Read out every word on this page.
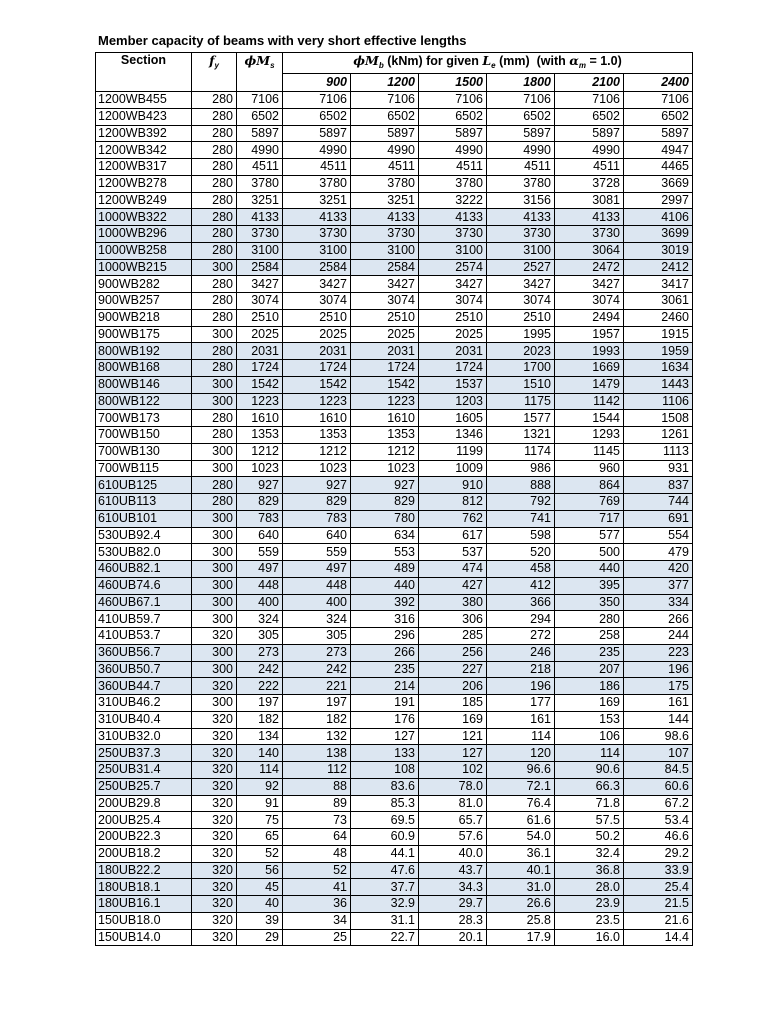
Member capacity of beams with very short effective lengths
Section	$f_y$	$\phi M_s$	$\phi M_b$ (kNm) for given $L_e$ (mm)  (with $\alpha_m = 1.0$)					
			900	1200	1500	1800	2100	2400
1200WB455	280	7106	7106	7106	7106	7106	7106	7106
1200WB423	280	6502	6502	6502	6502	6502	6502	6502
1200WB392	280	5897	5897	5897	5897	5897	5897	5897
1200WB342	280	4990	4990	4990	4990	4990	4990	4947
1200WB317	280	4511	4511	4511	4511	4511	4511	4465
1200WB278	280	3780	3780	3780	3780	3780	3728	3669
1200WB249	280	3251	3251	3251	3222	3156	3081	2997
1000WB322	280	4133	4133	4133	4133	4133	4133	4106
1000WB296	280	3730	3730	3730	3730	3730	3730	3699
1000WB258	280	3100	3100	3100	3100	3100	3064	3019
1000WB215	300	2584	2584	2584	2574	2527	2472	2412
900WB282	280	3427	3427	3427	3427	3427	3427	3417
900WB257	280	3074	3074	3074	3074	3074	3074	3061
900WB218	280	2510	2510	2510	2510	2510	2494	2460
900WB175	300	2025	2025	2025	2025	1995	1957	1915
800WB192	280	2031	2031	2031	2031	2023	1993	1959
800WB168	280	1724	1724	1724	1724	1700	1669	1634
800WB146	300	1542	1542	1542	1537	1510	1479	1443
800WB122	300	1223	1223	1223	1203	1175	1142	1106
700WB173	280	1610	1610	1610	1605	1577	1544	1508
700WB150	280	1353	1353	1353	1346	1321	1293	1261
700WB130	300	1212	1212	1212	1199	1174	1145	1113
700WB115	300	1023	1023	1023	1009	986	960	931
610UB125	280	927	927	927	910	888	864	837
610UB113	280	829	829	829	812	792	769	744
610UB101	300	783	783	780	762	741	717	691
530UB92.4	300	640	640	634	617	598	577	554
530UB82.0	300	559	559	553	537	520	500	479
460UB82.1	300	497	497	489	474	458	440	420
460UB74.6	300	448	448	440	427	412	395	377
460UB67.1	300	400	400	392	380	366	350	334
410UB59.7	300	324	324	316	306	294	280	266
410UB53.7	320	305	305	296	285	272	258	244
360UB56.7	300	273	273	266	256	246	235	223
360UB50.7	300	242	242	235	227	218	207	196
360UB44.7	320	222	221	214	206	196	186	175
310UB46.2	300	197	197	191	185	177	169	161
310UB40.4	320	182	182	176	169	161	153	144
310UB32.0	320	134	132	127	121	114	106	98.6
250UB37.3	320	140	138	133	127	120	114	107
250UB31.4	320	114	112	108	102	96.6	90.6	84.5
250UB25.7	320	92	88	83.6	78.0	72.1	66.3	60.6
200UB29.8	320	91	89	85.3	81.0	76.4	71.8	67.2
200UB25.4	320	75	73	69.5	65.7	61.6	57.5	53.4
200UB22.3	320	65	64	60.9	57.6	54.0	50.2	46.6
200UB18.2	320	52	48	44.1	40.0	36.1	32.4	29.2
180UB22.2	320	56	52	47.6	43.7	40.1	36.8	33.9
180UB18.1	320	45	41	37.7	34.3	31.0	28.0	25.4
180UB16.1	320	40	36	32.9	29.7	26.6	23.9	21.5
150UB18.0	320	39	34	31.1	28.3	25.8	23.5	21.6
150UB14.0	320	29	25	22.7	20.1	17.9	16.0	14.4
